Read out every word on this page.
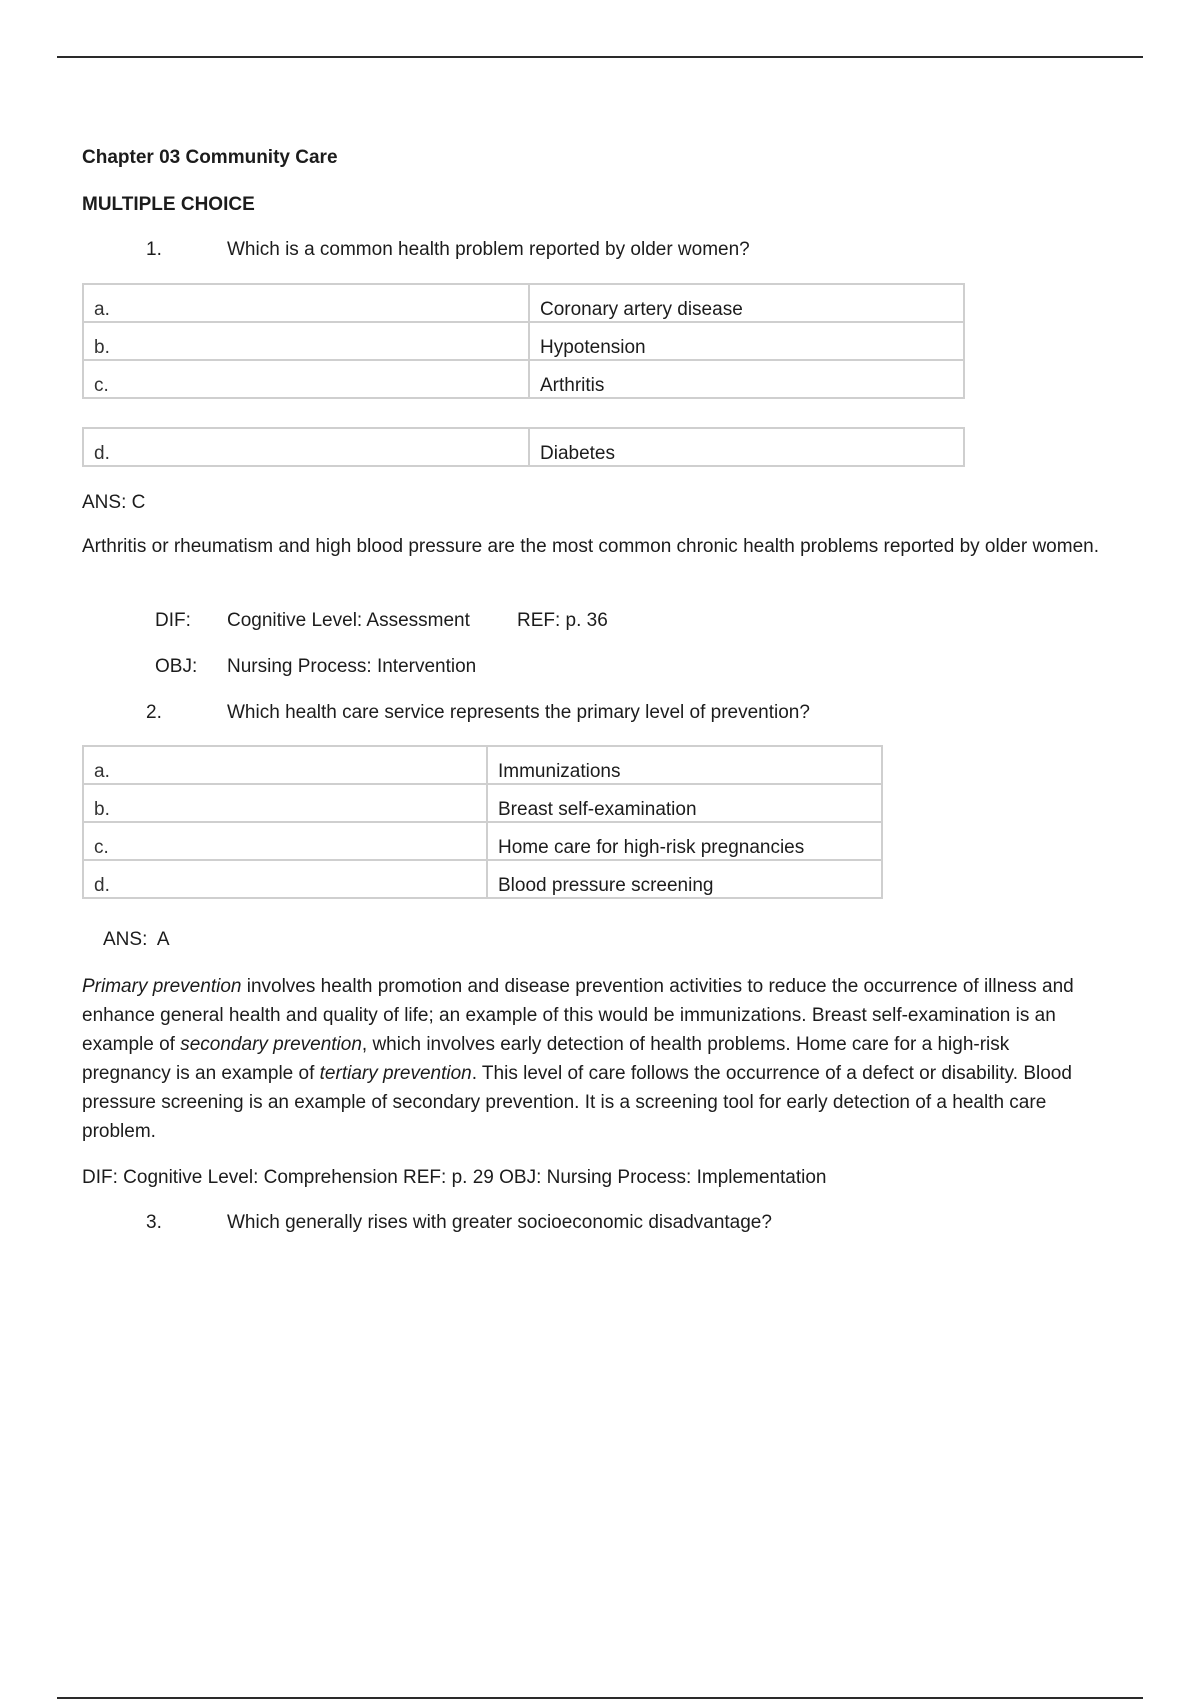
Chapter 03 Community Care
MULTIPLE CHOICE
1.	Which is a common health problem reported by older women?
a.	Coronary artery disease
b.	Hypotension
c.	Arthritis
d.	Diabetes
ANS: C
Arthritis or rheumatism and high blood pressure are the most common chronic health problems reported by older women.
DIF: Cognitive Level: Assessment REF: p. 36
OBJ: Nursing Process: Intervention
2.	Which health care service represents the primary level of prevention?
a.	Immunizations
b.	Breast self-examination
c.	Home care for high-risk pregnancies
d.	Blood pressure screening
ANS:  A
Primary prevention involves health promotion and disease prevention activities to reduce the occurrence of illness and enhance general health and quality of life; an example of this would be immunizations. Breast self-examination is an example of secondary prevention, which involves early detection of health problems. Home care for a high-risk pregnancy is an example of tertiary prevention. This level of care follows the occurrence of a defect or disability. Blood pressure screening is an example of secondary prevention. It is a screening tool for early detection of a health care problem.
DIF: Cognitive Level: Comprehension REF: p. 29 OBJ: Nursing Process: Implementation
3.	Which generally rises with greater socioeconomic disadvantage?
